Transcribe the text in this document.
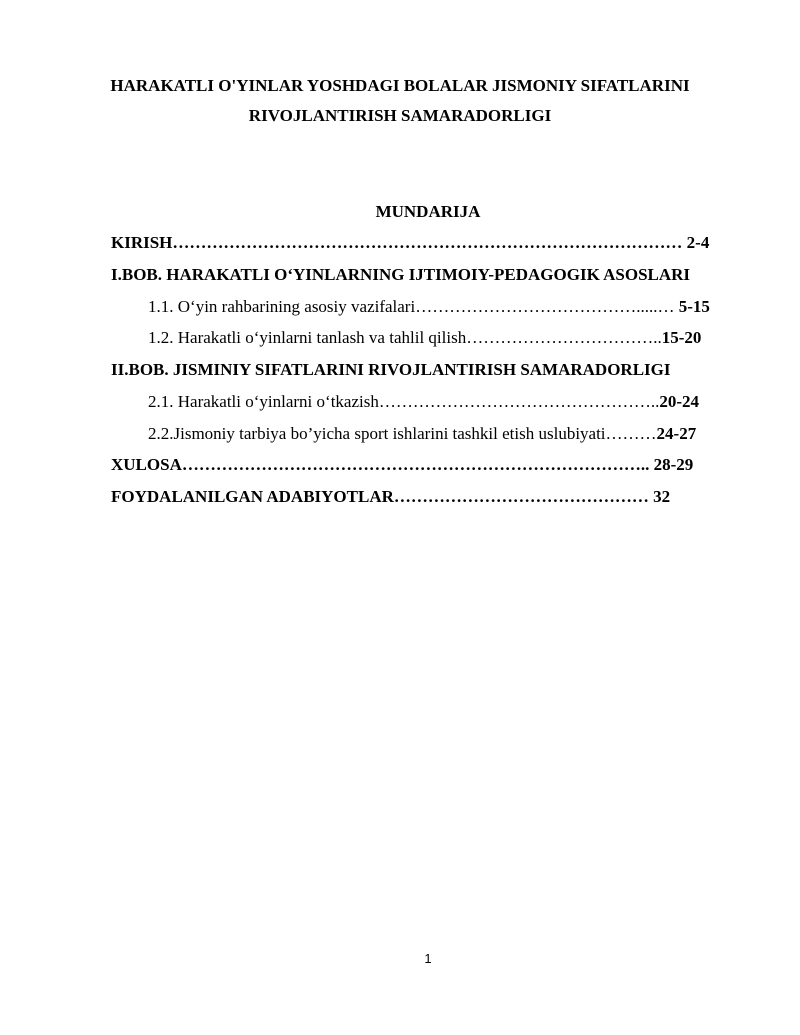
HARAKATLI O'YINLAR YOSHDAGI BOLALAR JISMONIY SIFATLARINI
RIVOJLANTIRISH SAMARADORLIGI
MUNDARIJA
KIRISH……………………………………………………………………………… 2-4
I.BOB. HARAKATLI O‘YINLARNING IJTIMOIY-PEDAGOGIK ASOSLARI
1.1. O‘yin rahbarining asosiy vazifalari………………………………….....… 5-15
1.2. Harakatli o‘yinlarni tanlash va tahlil qilish……………………………..15-20
II.BOB. JISMINIY SIFATLARINI RIVOJLANTIRISH SAMARADORLIGI
2.1. Harakatli o‘yinlarni o‘tkazish…………………………………………..20-24
2.2.Jismoniy tarbiya bo’yicha sport ishlarini tashkil etish uslubiyati………24-27
XULOSA……………………………………………………………………….. 28-29
FOYDALANILGAN ADABIYOTLAR……………………………………… 32
1
